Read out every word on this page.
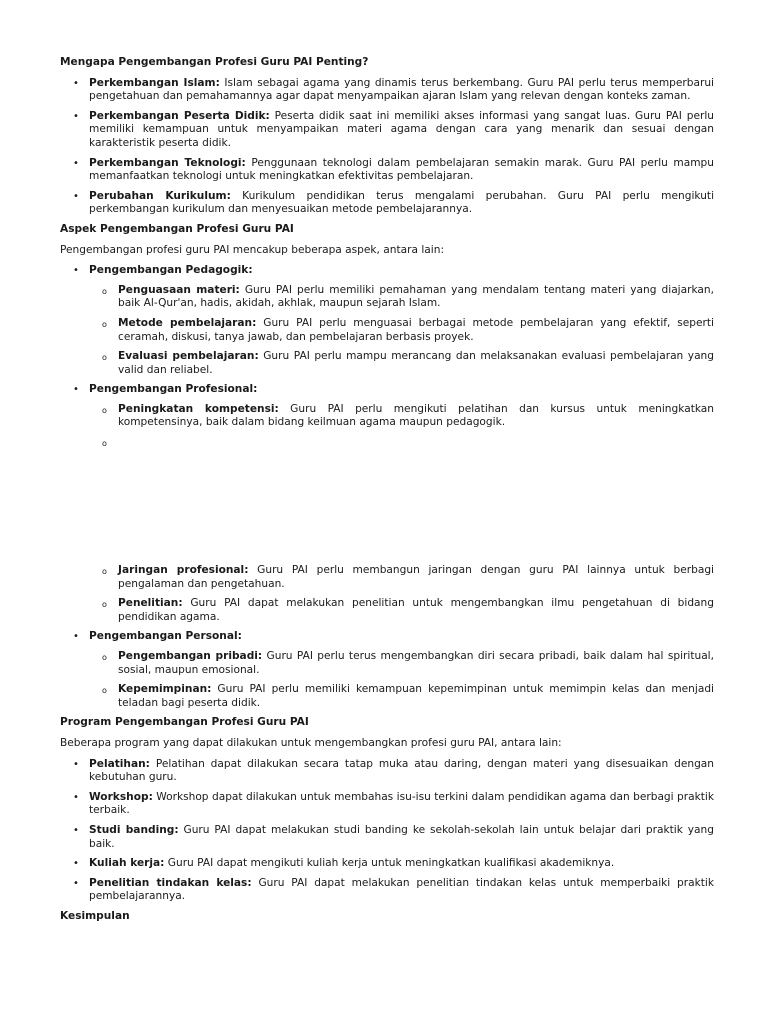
Mengapa Pengembangan Profesi Guru PAI Penting?
• Perkembangan Islam: Islam sebagai agama yang dinamis terus berkembang. Guru PAI perlu terus memperbarui pengetahuan dan pemahamannya agar dapat menyampaikan ajaran Islam yang relevan dengan konteks zaman.
• Perkembangan Peserta Didik: Peserta didik saat ini memiliki akses informasi yang sangat luas. Guru PAI perlu memiliki kemampuan untuk menyampaikan materi agama dengan cara yang menarik dan sesuai dengan karakteristik peserta didik.
• Perkembangan Teknologi: Penggunaan teknologi dalam pembelajaran semakin marak. Guru PAI perlu mampu memanfaatkan teknologi untuk meningkatkan efektivitas pembelajaran.
• Perubahan Kurikulum: Kurikulum pendidikan terus mengalami perubahan. Guru PAI perlu mengikuti perkembangan kurikulum dan menyesuaikan metode pembelajarannya.
Aspek Pengembangan Profesi Guru PAI
Pengembangan profesi guru PAI mencakup beberapa aspek, antara lain:
• Pengembangan Pedagogik:
o Penguasaan materi: Guru PAI perlu memiliki pemahaman yang mendalam tentang materi yang diajarkan, baik Al-Qur'an, hadis, akidah, akhlak, maupun sejarah Islam.
o Metode pembelajaran: Guru PAI perlu menguasai berbagai metode pembelajaran yang efektif, seperti ceramah, diskusi, tanya jawab, dan pembelajaran berbasis proyek.
o Evaluasi pembelajaran: Guru PAI perlu mampu merancang dan melaksanakan evaluasi pembelajaran yang valid dan reliabel.
• Pengembangan Profesional:
o Peningkatan kompetensi: Guru PAI perlu mengikuti pelatihan dan kursus untuk meningkatkan kompetensinya, baik dalam bidang keilmuan agama maupun pedagogik.
o
o Jaringan profesional: Guru PAI perlu membangun jaringan dengan guru PAI lainnya untuk berbagi pengalaman dan pengetahuan.
o Penelitian: Guru PAI dapat melakukan penelitian untuk mengembangkan ilmu pengetahuan di bidang pendidikan agama.
• Pengembangan Personal:
o Pengembangan pribadi: Guru PAI perlu terus mengembangkan diri secara pribadi, baik dalam hal spiritual, sosial, maupun emosional.
o Kepemimpinan: Guru PAI perlu memiliki kemampuan kepemimpinan untuk memimpin kelas dan menjadi teladan bagi peserta didik.
Program Pengembangan Profesi Guru PAI
Beberapa program yang dapat dilakukan untuk mengembangkan profesi guru PAI, antara lain:
• Pelatihan: Pelatihan dapat dilakukan secara tatap muka atau daring, dengan materi yang disesuaikan dengan kebutuhan guru.
• Workshop: Workshop dapat dilakukan untuk membahas isu-isu terkini dalam pendidikan agama dan berbagi praktik terbaik.
• Studi banding: Guru PAI dapat melakukan studi banding ke sekolah-sekolah lain untuk belajar dari praktik yang baik.
• Kuliah kerja: Guru PAI dapat mengikuti kuliah kerja untuk meningkatkan kualifikasi akademiknya.
• Penelitian tindakan kelas: Guru PAI dapat melakukan penelitian tindakan kelas untuk memperbaiki praktik pembelajarannya.
Kesimpulan
